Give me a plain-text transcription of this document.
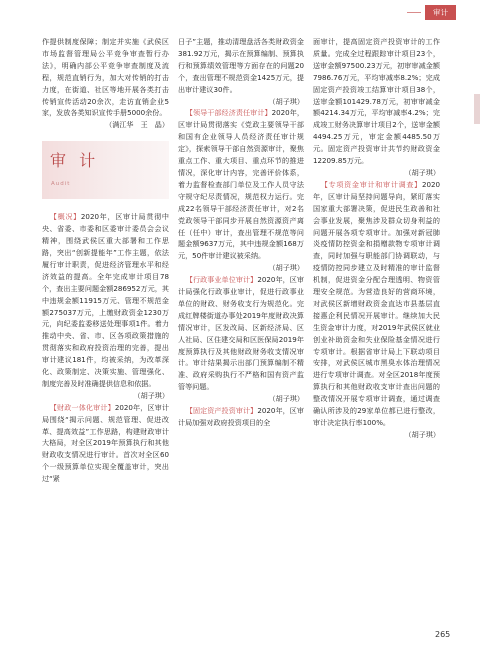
审计

作提供制度保障；制定并实施《武侯区市场监督管理局公平竞争审查暂行办法》，明确内部公平竞争审查制度及流程，规范直销行为，加大对传销的打击力度，在街道、社区等地开展各类打击传销宣传活动20余次，走访直销企业5家，发放各类知识宣传手册5000余份。

（满江华　王　晶）

审 计
Audit

【概况】2020年，区审计局贯彻中央、省委、市委和区委审计委员会会议精神，围绕武侯区重大部署和工作思路，突出“创新提能年”工作主题，依法履行审计职责，促进经济管理水平和经济效益的提高。全年完成审计项目78个，查出主要问题金额286952万元，其中违规金额11915万元、管理不规范金额275037万元，上缴财政资金1230万元，向纪委监委移送处理事项1件。着力推动中央、省、市、区各项政策措施的贯彻落实和政府投资治理的完善，提出审计建议181件，均被采纳，为改革深化、政策制定、决策实施、管理强化、制度完善及时准确提供信息和依据。

（胡子琪）

【财政一体化审计】2020年，区审计局围绕“揭示问题、规范管理、促进改革、提高效益”工作思路，构建财政审计大格局，对全区2019年预算执行和其他财政收支情况进行审计。首次对全区60个一级预算单位实现全覆盖审计，突出过“紧

日子”主题，推动清理盘活各类财政资金381.92万元，揭示在预算编制、预算执行和预算绩效管理等方面存在的问题20个，查出管理不规范资金1425万元，提出审计建议30件。

（胡子琪）

【领导干部经济责任审计】2020年，区审计局贯彻落实《党政主要领导干部和国有企业领导人员经济责任审计规定》，探索领导干部自然资源审计，聚焦重点工作、重大项目、重点环节的推进情况，深化审计内容，完善评价体系，着力监督检查部门单位及工作人员守法守规守纪尽责情况，规范权力运行。完成22名领导干部经济责任审计，对2名党政领导干部同步开展自然资源资产离任（任中）审计，查出管理不规范等问题金额9637万元，其中违规金额168万元，50件审计建议被采纳。

（胡子琪）

【行政事业单位审计】2020年，区审计局强化行政事业审计，促进行政事业单位的财政、财务收支行为规范化。完成红牌楼街道办事处2019年度财政决算情况审计，区发改局、区新经济局、区人社局、区住建交局和区医保局2019年度预算执行及其他财政财务收支情况审计。审计结果揭示出部门预算编制不精准、政府采购执行不严格和国有资产监管等问题。

（胡子琪）

【固定资产投资审计】2020年，区审计局加强对政府投资项目的全

面审计，提高固定资产投资审计的工作质量。完成全过程跟踪审计项目23个，送审金额97500.23万元，初审审减金额7986.76万元，平均审减率8.2%；完成固定资产投资竣工结算审计项目38个，送审金额101429.78万元，初审审减金额4214.34万元，平均审减率4.2%；完成竣工财务决算审计项目2个，送审金额4494.25万元，审定金额4485.50万元。固定资产投资审计共节约财政资金12209.85万元。

（胡子琪）

【专项资金审计和审计调查】2020年，区审计局坚持问题导向，紧盯落实国家重大部署决策，促进民生政善和社会事业发展，聚焦涉及群众切身利益的问题开展各项专项审计。加强对新冠肺炎疫情防控资金和捐赠款物专项审计调查，同时加强与职能部门协调联动，与疫情防控同步建立及时精准的审计监督机制，促进资金分配合理透明、物资管理安全规范。为营造良好的营商环境，对武侯区新增财政资金直达市县基层直接惠企利民情况开展审计。继续加大民生资金审计力度，对2019年武侯区就业创业补助资金和失业保险基金情况进行专项审计。根据省审计局上下联动项目安排，对武侯区城市黑臭水体治理情况进行专项审计调查。对全区2018年度预算执行和其他财政收支审计查出问题的整改情况开展专项审计调查，通过调查确认所涉及的29家单位都已进行整改，审计决定执行率100%。

（胡子琪）

265
